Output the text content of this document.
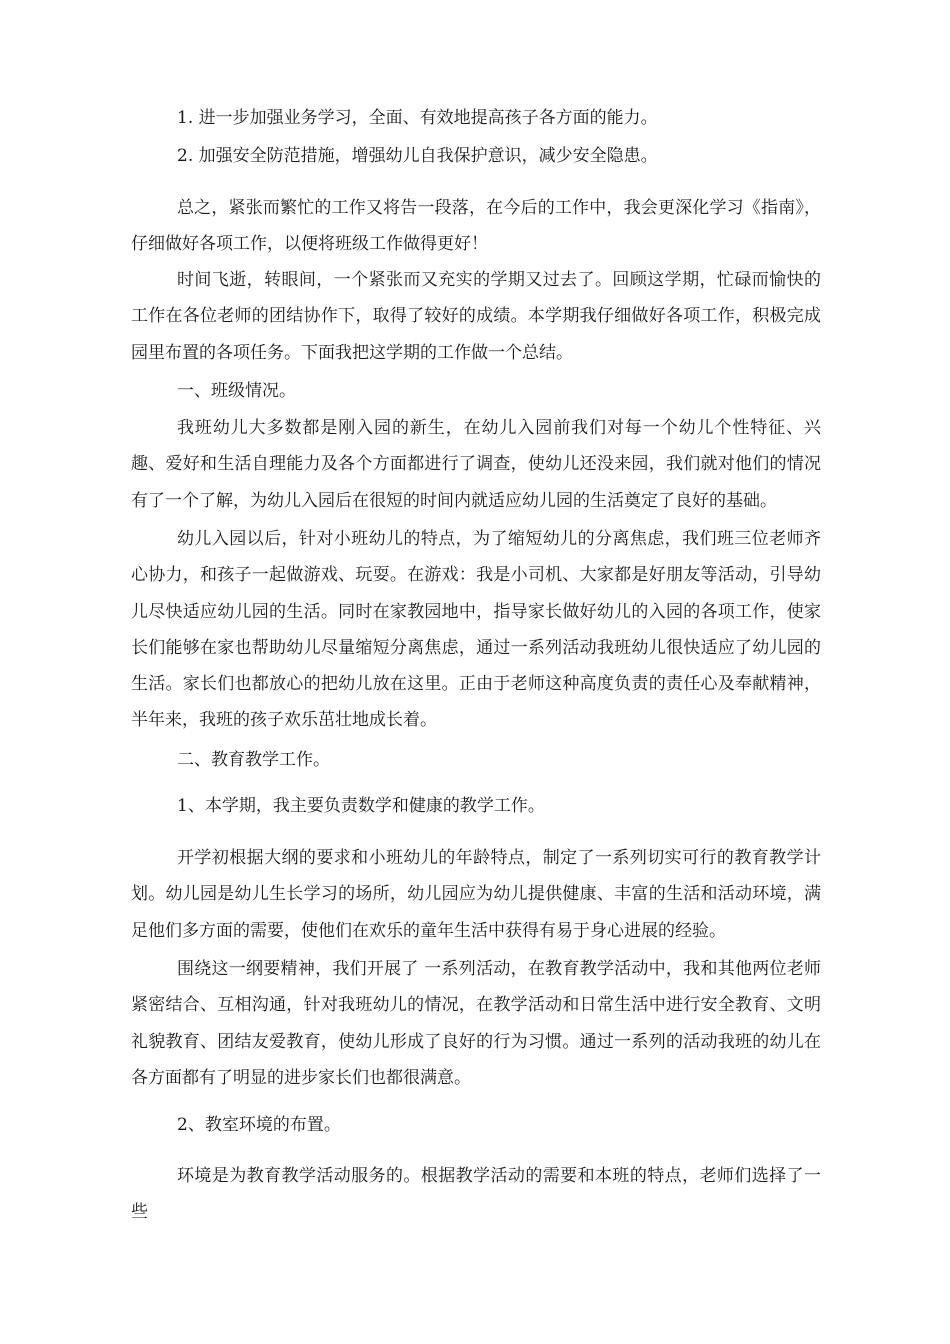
1. 进一步加强业务学习，全面、有效地提高孩子各方面的能力。

2. 加强安全防范措施，增强幼儿自我保护意识，减少安全隐患。

总之，紧张而繁忙的工作又将告一段落，在今后的工作中，我会更深化学习《指南》，仔细做好各项工作，以便将班级工作做得更好！

时间飞逝，转眼间，一个紧张而又充实的学期又过去了。回顾这学期，忙碌而愉快的工作在各位老师的团结协作下，取得了较好的成绩。本学期我仔细做好各项工作，积极完成园里布置的各项任务。下面我把这学期的工作做一个总结。

一、班级情况。

我班幼儿大多数都是刚入园的新生，在幼儿入园前我们对每一个幼儿个性特征、兴趣、爱好和生活自理能力及各个方面都进行了调查，使幼儿还没来园，我们就对他们的情况有了一个了解，为幼儿入园后在很短的时间内就适应幼儿园的生活奠定了良好的基础。

幼儿入园以后，针对小班幼儿的特点，为了缩短幼儿的分离焦虑，我们班三位老师齐心协力，和孩子一起做游戏、玩耍。在游戏：我是小司机、大家都是好朋友等活动，引导幼儿尽快适应幼儿园的生活。同时在家教园地中，指导家长做好幼儿的入园的各项工作，使家长们能够在家也帮助幼儿尽量缩短分离焦虑，通过一系列活动我班幼儿很快适应了幼儿园的生活。家长们也都放心的把幼儿放在这里。正由于老师这种高度负责的责任心及奉献精神，半年来，我班的孩子欢乐茁壮地成长着。

二、教育教学工作。

1、本学期，我主要负责数学和健康的教学工作。

开学初根据大纲的要求和小班幼儿的年龄特点，制定了一系列切实可行的教育教学计划。幼儿园是幼儿生长学习的场所，幼儿园应为幼儿提供健康、丰富的生活和活动环境，满足他们多方面的需要，使他们在欢乐的童年生活中获得有易于身心进展的经验。

围绕这一纲要精神，我们开展了 一系列活动，在教育教学活动中，我和其他两位老师紧密结合、互相沟通，针对我班幼儿的情况，在教学活动和日常生活中进行安全教育、文明礼貌教育、团结友爱教育，使幼儿形成了良好的行为习惯。通过一系列的活动我班的幼儿在各方面都有了明显的进步家长们也都很满意。

2、教室环境的布置。

环境是为教育教学活动服务的。根据教学活动的需要和本班的特点，老师们选择了一些
